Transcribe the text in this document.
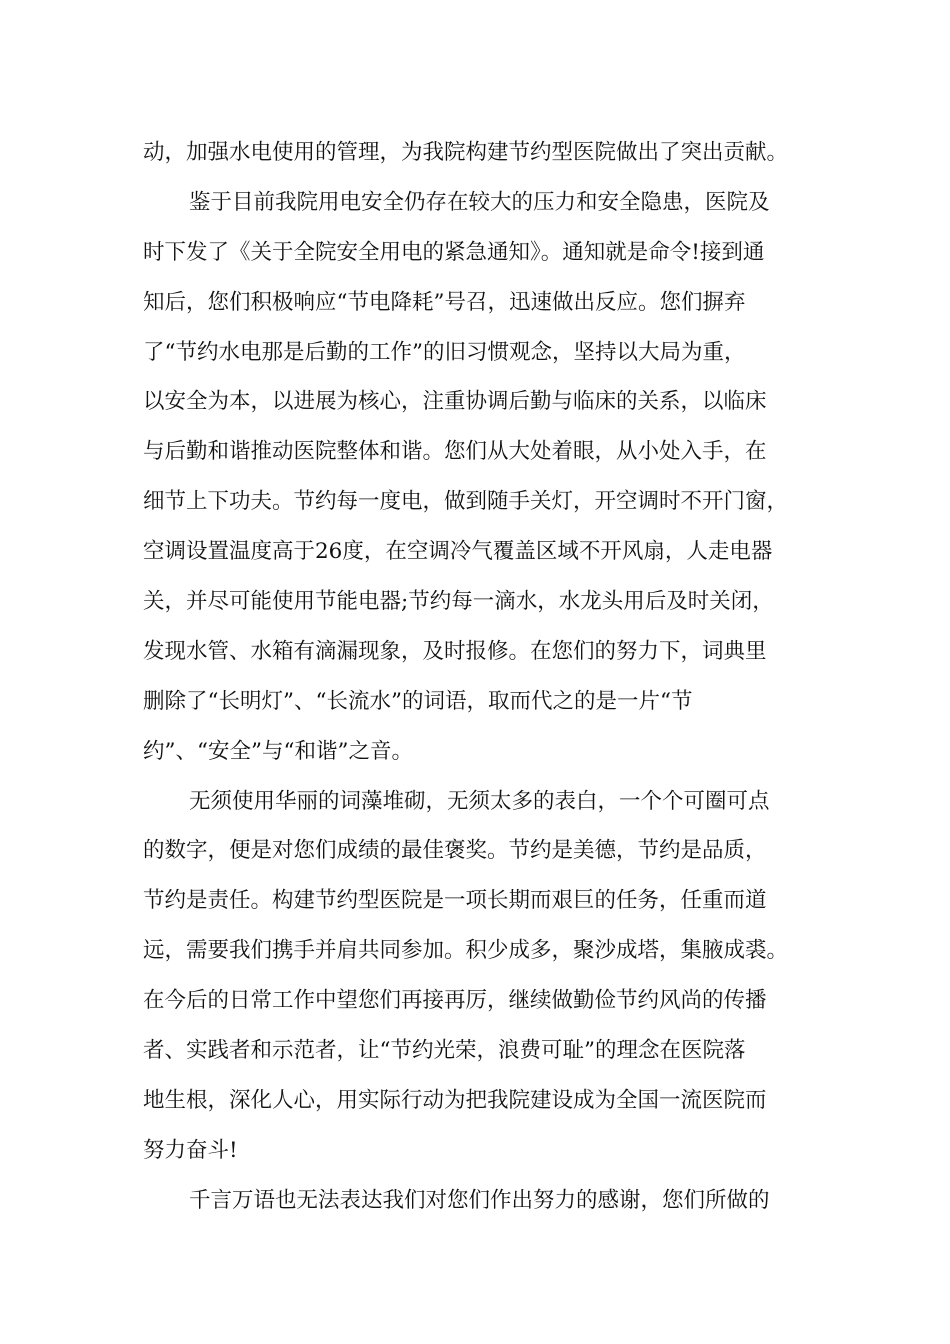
动，加强水电使用的管理，为我院构建节约型医院做出了突出贡献。
鉴于目前我院用电安全仍存在较大的压力和安全隐患，医院及
时下发了《关于全院安全用电的紧急通知》。通知就是命令!接到通
知后，您们积极响应“节电降耗”号召，迅速做出反应。您们摒弃
了“节约水电那是后勤的工作”的旧习惯观念，坚持以大局为重，
以安全为本，以进展为核心，注重协调后勤与临床的关系，以临床
与后勤和谐推动医院整体和谐。您们从大处着眼，从小处入手，在
细节上下功夫。节约每一度电，做到随手关灯，开空调时不开门窗，
空调设置温度高于26度，在空调冷气覆盖区域不开风扇，人走电器
关，并尽可能使用节能电器;节约每一滴水，水龙头用后及时关闭，
发现水管、水箱有滴漏现象，及时报修。在您们的努力下，词典里
删除了“长明灯”、“长流水”的词语，取而代之的是一片“节
约”、“安全”与“和谐”之音。
无须使用华丽的词藻堆砌，无须太多的表白，一个个可圈可点
的数字，便是对您们成绩的最佳褒奖。节约是美德，节约是品质，
节约是责任。构建节约型医院是一项长期而艰巨的任务，任重而道
远，需要我们携手并肩共同参加。积少成多，聚沙成塔，集腋成裘。
在今后的日常工作中望您们再接再厉，继续做勤俭节约风尚的传播
者、实践者和示范者，让“节约光荣，浪费可耻”的理念在医院落
地生根，深化人心，用实际行动为把我院建设成为全国一流医院而
努力奋斗!
千言万语也无法表达我们对您们作出努力的感谢，您们所做的
